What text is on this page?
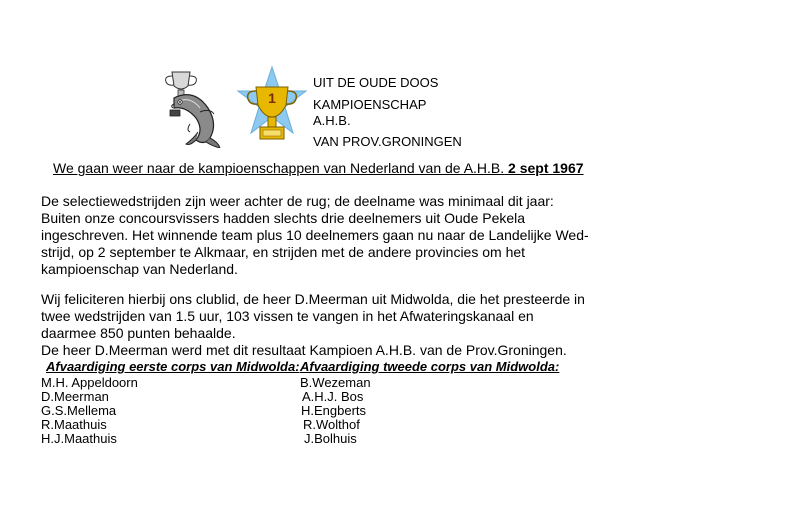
1
UIT DE OUDE DOOS
KAMPIOENSCHAP
A.H.B.
VAN PROV.GRONINGEN
We gaan weer naar de kampioenschappen van Nederland van de A.H.B. 2 sept 1967
De selectiewedstrijden zijn weer achter de rug; de deelname was minimaal dit jaar:
Buiten onze concoursvissers hadden slechts drie deelnemers uit Oude Pekela
ingeschreven. Het winnende team plus 10 deelnemers gaan nu naar de Landelijke Wed-
strijd, op 2 september te Alkmaar, en strijden met de andere provincies om het
kampioenschap van Nederland.
Wij feliciteren hierbij ons clublid, de heer D.Meerman uit Midwolda, die het presteerde in
twee wedstrijden van 1.5 uur, 103 vissen te vangen in het Afwateringskanaal en
daarmee 850 punten behaalde.
De heer D.Meerman werd met dit resultaat Kampioen A.H.B. van de Prov.Groningen.
Afvaardiging eerste corps van Midwolda: Afvaardiging tweede corps van Midwolda:
M.H. Appeldoorn
D.Meerman
G.S.Mellema
R.Maathuis
H.J.Maathuis
B.Wezeman
A.H.J. Bos
H.Engberts
R.Wolthof
J.Bolhuis
